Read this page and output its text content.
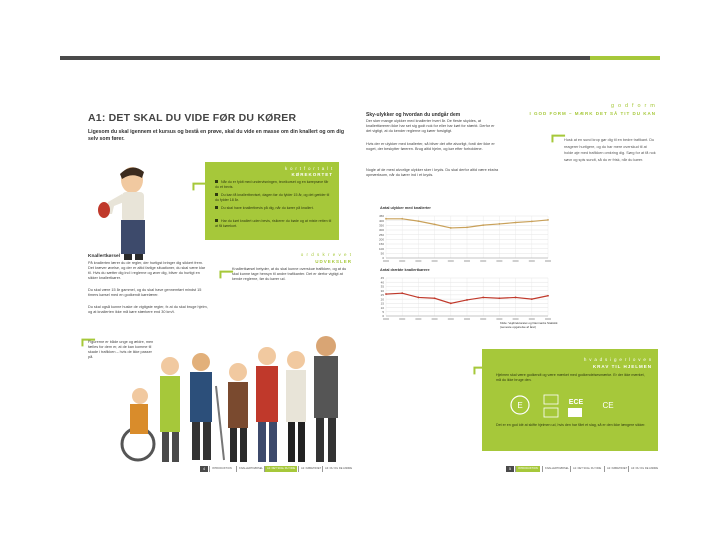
A1: DET SKAL DU VIDE FØR DU KØRER
Ligesom du skal igennem et kursus og bestå en prøve, skal du vide en masse om din knallert og om dig selv som fører.
k o r t f o r t a l t
KØREKORTET
Når du er fyldt med undervisningen, teorikurset og en køreprøve får du et bevis.
Du kan få knallertbeviset, dagen før du fylder 15 år, og det gælder til du fylder 18 år.
Du skal have knallertbevis på dig, når du kører på knallert.
Har du kørt knallert uden bevis, risikerer du bøde og at miste retten til at få kørekort.
⌐
Knallertkørsel
På knallerten lærer du de regler, der hurtigst bringer dig sikkert frem. Det kræver øvelse, og der er altid farlige situationer, du skal være klar til. Hvis du sætter dig ind i reglerne og øver dig, bliver du hurtigt en sikker knallertkører.
Du skal være 15 år gammel, og du skal have gennemført mindst 15 timers kørsel med en godkendt kørelærer.
Du skal også kunne huske de vigtigste regler, fx at du skal bruge hjelm, og at knallerten ikke må køre stærkere end 30 km/t.
o r d s k r e v e t
UDVEKSLER
⌐
Knallertkørsel betyder, at du skal kunne overskue trafikken, og at du skal kunne tage hensyn til andre trafikanter. Det er derfor vigtigt at kende reglerne, før du kører ud.
⌐
Figurerne er både unge og ældre, men fælles for dem er, at de kan komme til skade i trafikken – hvis de ikke passer på.
4	INTRODUKTION	KNALLERTKØRSEL	A1: DET SKAL DU VIDE	A2: KØRETØJET	A3: DU OG DE ANDRE
Sky-ulykker og hvordan du undgår dem
Der sker mange ulykker med knallerter hvert år. De fleste skyldes, at knallertføreren ikke har set sig godt nok for eller har kørt for stærkt. Derfor er det vigtigt, at du kender reglerne og kører forsigtigt.
Hvis der er ulykker med knallerter, så bliver det ofte alvorligt, fordi der ikke er noget, der beskytter føreren. Brug altid hjelm, og kør efter forholdene.
Nogle af de mest alvorlige ulykker sker i kryds. Du skal derfor altid være ekstra opmærksom, når du kører ind i et kryds.
g o d f o r m
I GOD FORM – MÆRK DET SÅ TIT DU KAN
⌐
Husk at en sund krop gør dig til en bedre trafikant. Du reagerer hurtigere, og du har mere overskud til at holde øje med trafikken omkring dig. Sørg for at få nok søvn og spis sundt, så du er frisk, når du kører.
Antal ulykker med knallerter
450
400
350
300
250
200
150
100
50
0
Antal dræbte knallertkørere
45
40
35
30
25
20
15
10
5
0
Kilde: Vejdirektoratet og Danmarks Statistik (seneste opgørelse af året)
h v a d s i g e r l o v e n
KRAV TIL HJELMEN
Hjelmen skal være godkendt og være mærket med godkendelsesmærke. Er der ikke mærket, må du ikke bruge den.
E	ECE CE
Det er en god idé at skifte hjelmen ud, hvis den har fået et slag, så er den ikke længere sikker.
⌐
5	INTRODUKTION	KNALLERTKØRSEL	A1: DET SKAL DU VIDE	A2: KØRETØJET	A3: DU OG DE ANDRE
